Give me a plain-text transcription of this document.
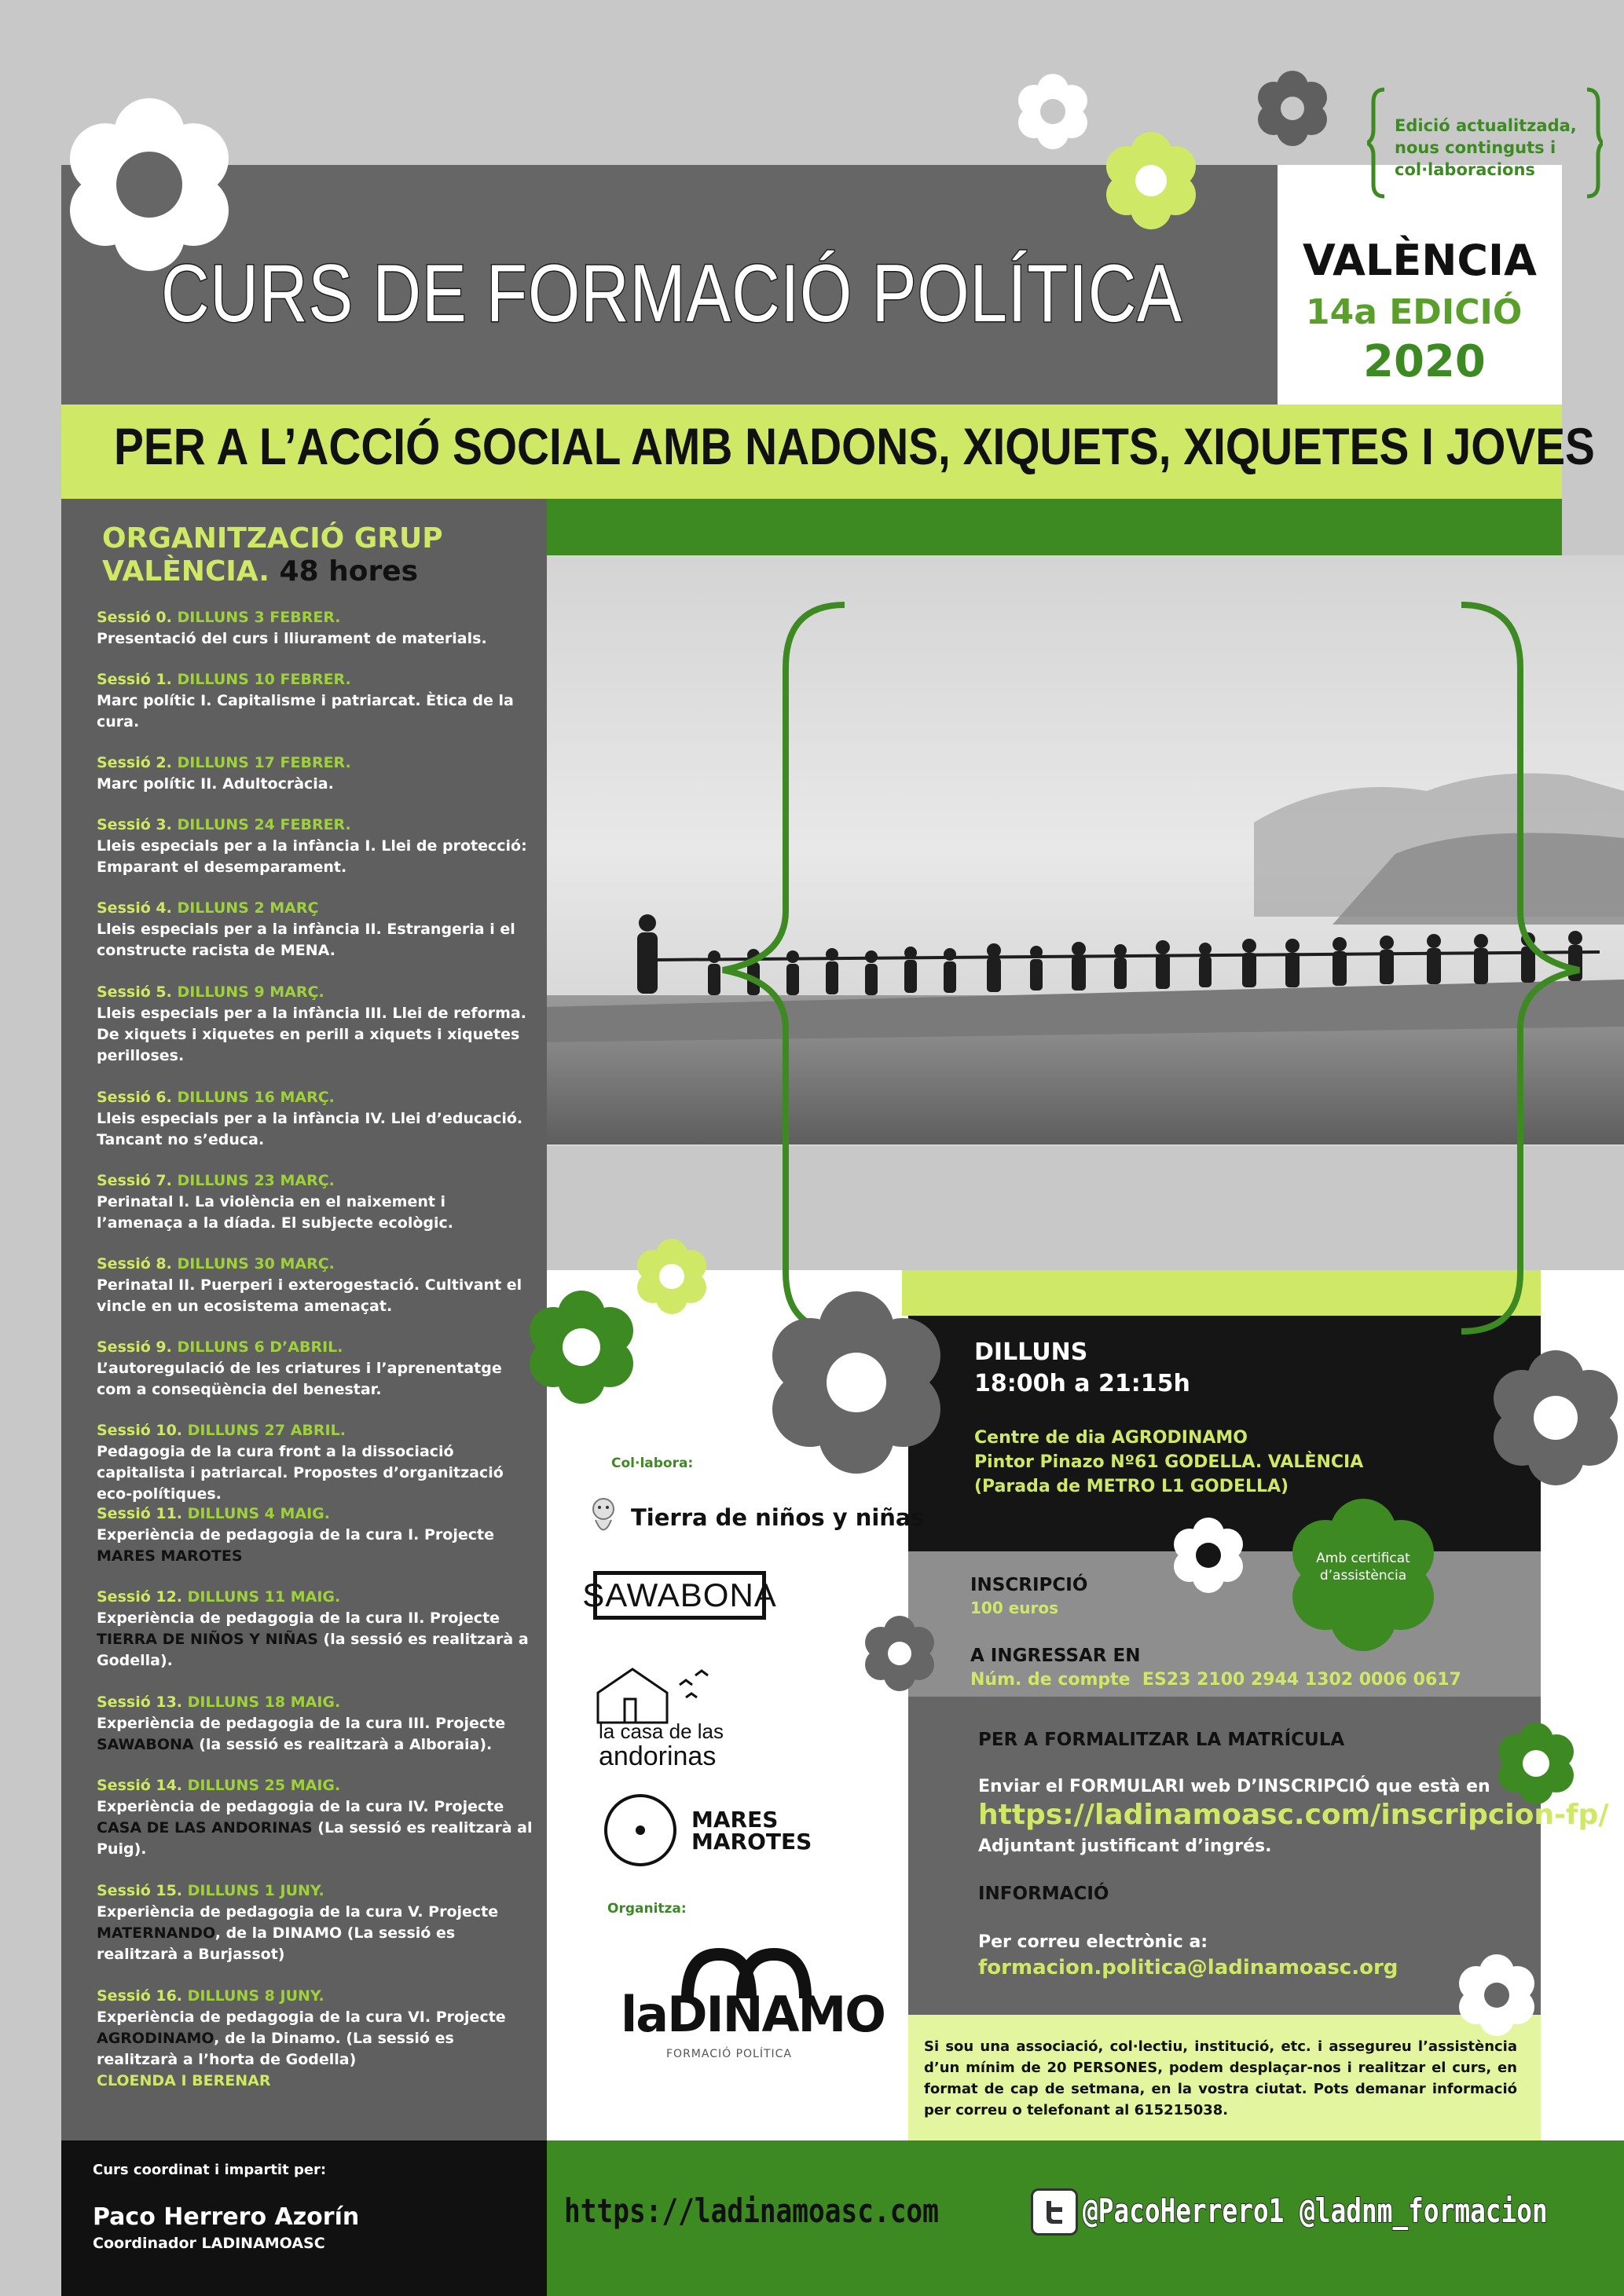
CURS DE FORMACIÓ POLÍTICA	VALÈNCIA
14a EDICIÓ
2020
Edició actualitzada, nous continguts i col·laboracions
PER A L’ACCIÓ SOCIAL AMB NADONS, XIQUETS, XIQUETES I JOVES
ORGANITZACIÓ GRUP
VALÈNCIA. 48 hores
Sessió 0. DILLUNS 3 FEBRER.
Presentació del curs i lliurament de materials.
Sessió 1. DILLUNS 10 FEBRER.
Marc polític I. Capitalisme i patriarcat. Ètica de la cura.
Sessió 2. DILLUNS 17 FEBRER.
Marc polític II. Adultocràcia.
Sessió 3. DILLUNS 24 FEBRER.
Lleis especials per a la infància I. Llei de protecció: Emparant el desemparament.
Sessió 4. DILLUNS 2 MARÇ
Lleis especials per a la infància II. Estrangeria i el constructe racista de MENA.
Sessió 5. DILLUNS 9 MARÇ.
Lleis especials per a la infància III. Llei de reforma. De xiquets i xiquetes en perill a xiquets i xiquetes perilloses.
Sessió 6. DILLUNS 16 MARÇ.
Lleis especials per a la infància IV. Llei d’educació. Tancant no s’educa.
Sessió 7. DILLUNS 23 MARÇ.
Perinatal I. La violència en el naixement i l’amenaça a la díada. El subjecte ecològic.
Sessió 8. DILLUNS 30 MARÇ.
Perinatal II. Puerperi i exterogestació. Cultivant el vincle en un ecosistema amenaçat.
Sessió 9. DILLUNS 6 D’ABRIL.
L’autoregulació de les criatures i l’aprenentatge com a conseqüència del benestar.
Sessió 10. DILLUNS 27 ABRIL.
Pedagogia de la cura front a la dissociació capitalista i patriarcal. Propostes d’organització eco-polítiques.
Sessió 11. DILLUNS 4 MAIG.
Experiència de pedagogia de la cura I. Projecte MARES MAROTES
Sessió 12. DILLUNS 11 MAIG.
Experiència de pedagogia de la cura II. Projecte TIERRA DE NIÑOS Y NIÑAS (la sessió es realitzarà a Godella).
Sessió 13. DILLUNS 18 MAIG.
Experiència de pedagogia de la cura III. Projecte SAWABONA (la sessió es realitzarà a Alboraia).
Sessió 14. DILLUNS 25 MAIG.
Experiència de pedagogia de la cura IV. Projecte CASA DE LAS ANDORINAS (La sessió es realitzarà al Puig).
Sessió 15. DILLUNS 1 JUNY.
Experiència de pedagogia de la cura V. Projecte MATERNANDO, de la DINAMO (La sessió es realitzarà a Burjassot)
Sessió 16. DILLUNS 8 JUNY.
Experiència de pedagogia de la cura VI. Projecte AGRODINAMO, de la Dinamo. (La sessió es realitzarà a l’horta de Godella)
CLOENDA I BERENAR
Col·labora:
Tierra de niños y niñas
SAWABONA
la casa de las
andorinas
MARES
MAROTES
Organitza:
laDINAMO
FORMACIÓ POLÍTICA
DILLUNS
18:00h a 21:15h
Centre de dia AGRODINAMO
Pintor Pinazo Nº61 GODELLA. VALÈNCIA
(Parada de METRO L1 GODELLA)
Amb certificat
d’assistència
INSCRIPCIÓ
100 euros
A INGRESSAR EN
Núm. de compte  ES23 2100 2944 1302 0006 0617
PER A FORMALITZAR LA MATRÍCULA
Enviar el FORMULARI web D’INSCRIPCIÓ que està en
https://ladinamoasc.com/inscripcion-fp/
Adjuntant justificant d’ingrés.
INFORMACIÓ
Per correu electrònic a:
formacion.politica@ladinamoasc.org
Si sou una associació, col·lectiu, institució, etc. i assegureu l’assistència d’un mínim de 20 PERSONES, podem desplaçar-nos i realitzar el curs, en format de cap de setmana, en la vostra ciutat. Pots demanar informació per correu o telefonant al 615215038.
Curs coordinat i impartit per:
Paco Herrero Azorín
Coordinador LADINAMOASC
https://ladinamoasc.com	@PacoHerrero1 @ladnm_formacion
